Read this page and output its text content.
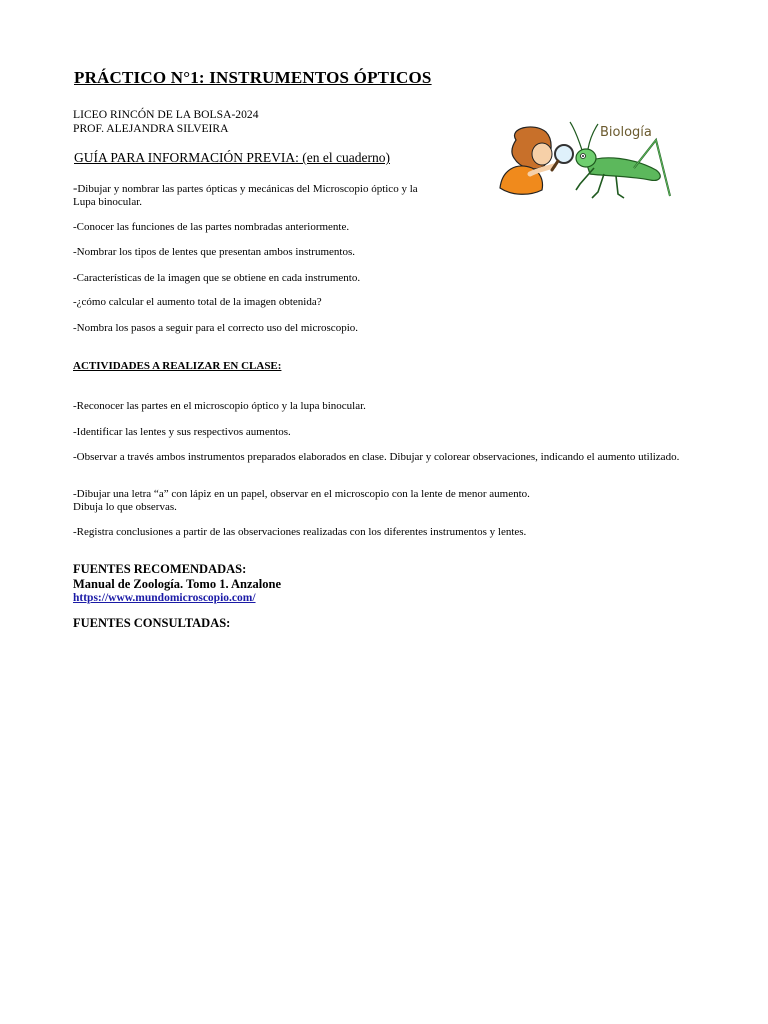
PRÁCTICO N°1: INSTRUMENTOS ÓPTICOS
LICEO RINCÓN DE LA BOLSA-2024
PROF. ALEJANDRA SILVEIRA
GUÍA PARA INFORMACIÓN PREVIA: (en el cuaderno)
-Dibujar y nombrar las partes ópticas y mecánicas del Microscopio óptico y la Lupa binocular.
-Conocer las funciones de las partes nombradas anteriormente.
-Nombrar los tipos de lentes que presentan ambos instrumentos.
-Características de la imagen que se obtiene en cada instrumento.
-¿cómo calcular el aumento total de la imagen obtenida?
-Nombra los pasos a seguir para el correcto uso del microscopio.
ACTIVIDADES A REALIZAR EN CLASE:
-Reconocer las partes en el microscopio óptico y la lupa binocular.
-Identificar las lentes y sus respectivos aumentos.
-Observar a través ambos instrumentos preparados elaborados en clase. Dibujar y colorear observaciones, indicando el aumento utilizado.
-Dibujar una letra “a” con lápiz en un papel, observar en el microscopio con la lente de menor aumento.
Dibuja lo que observas.
-Registra conclusiones a partir de las observaciones realizadas con los diferentes instrumentos y lentes.
FUENTES RECOMENDADAS:
Manual de Zoología. Tomo 1. Anzalone
https://www.mundomicroscopio.com/
FUENTES CONSULTADAS:
Biología
